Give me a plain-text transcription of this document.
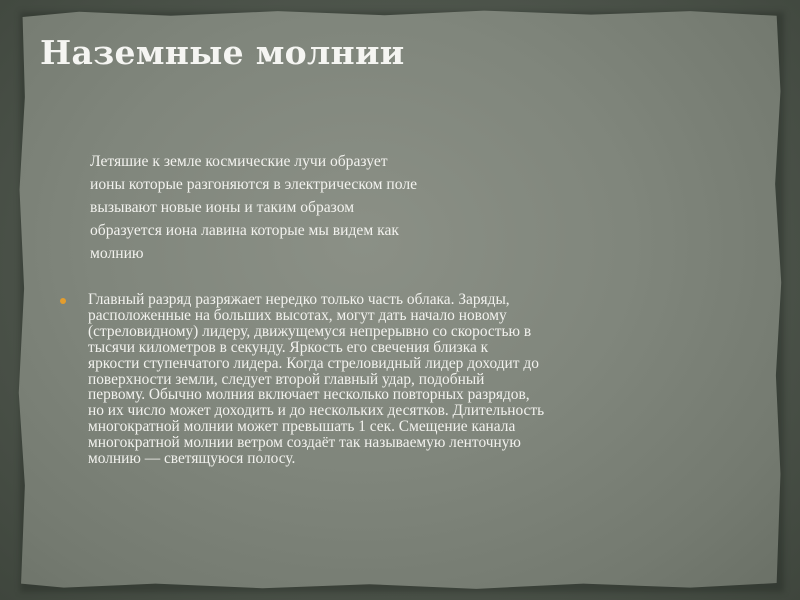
Наземные молнии

Летяшие к земле космические лучи образует
ионы которые разгоняются в электрическом поле
вызывают новые ионы и таким образом
образуется иона лавина которые мы видем как
молнию

Главный разряд разряжает нередко только часть облака. Заряды,
расположенные на больших высотах, могут дать начало новому
(стреловидному) лидеру, движущемуся непрерывно со скоростью в
тысячи километров в секунду. Яркость его свечения близка к
яркости ступенчатого лидера. Когда стреловидный лидер доходит до
поверхности земли, следует второй главный удар, подобный
первому. Обычно молния включает несколько повторных разрядов,
но их число может доходить и до нескольких десятков. Длительность
многократной молнии может превышать 1 сек. Смещение канала
многократной молнии ветром создаёт так называемую ленточную
молнию — светящуюся полосу.
